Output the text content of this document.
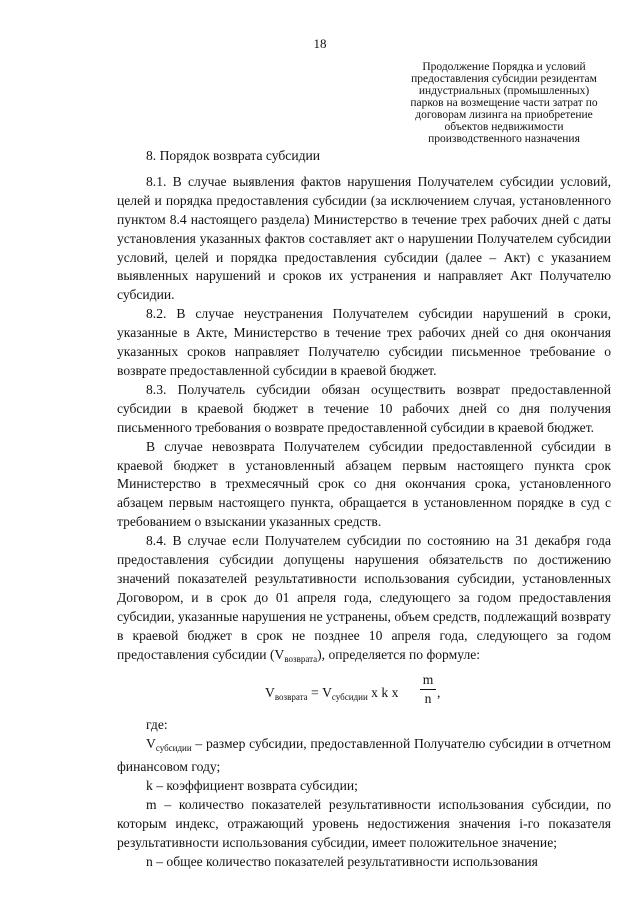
18
Продолжение Порядка и условий
предоставления субсидии резидентам
индустриальных (промышленных)
парков на возмещение части затрат по
договорам лизинга на приобретение
объектов недвижимости
производственного назначения

8. Порядок возврата субсидии

8.1. В случае выявления фактов нарушения Получателем субсидии условий, целей и порядка предоставления субсидии (за исключением случая, установленного пунктом 8.4 настоящего раздела) Министерство в течение трех рабочих дней с даты установления указанных фактов составляет акт о нарушении Получателем субсидии условий, целей и порядка предоставления субсидии (далее – Акт) с указанием выявленных нарушений и сроков их устранения и направляет Акт Получателю субсидии.

8.2. В случае неустранения Получателем субсидии нарушений в сроки, указанные в Акте, Министерство в течение трех рабочих дней со дня окончания указанных сроков направляет Получателю субсидии письменное требование о возврате предоставленной субсидии в краевой бюджет.

8.3. Получатель субсидии обязан осуществить возврат предоставленной субсидии в краевой бюджет в течение 10 рабочих дней со дня получения письменного требования о возврате предоставленной субсидии в краевой бюджет.

В случае невозврата Получателем субсидии предоставленной субсидии в краевой бюджет в установленный абзацем первым настоящего пункта срок Министерство в трехмесячный срок со дня окончания срока, установленного абзацем первым настоящего пункта, обращается в установленном порядке в суд с требованием о взыскании указанных средств.

8.4. В случае если Получателем субсидии по состоянию на 31 декабря года предоставления субсидии допущены нарушения обязательств по достижению значений показателей результативности использования субсидии, установленных Договором, и в срок до 01 апреля года, следующего за годом предоставления субсидии, указанные нарушения не устранены, объем средств, подлежащий возврату в краевой бюджет в срок не позднее 10 апреля года, следующего за годом предоставления субсидии $(V_{возврата})$, определяется по формуле:

$V_{возврата} = V_{субсидии}$ x k x
m
n ,

где:

$V_{субсидии}$ – размер субсидии, предоставленной Получателю субсидии в отчетном финансовом году;

k – коэффициент возврата субсидии;

m – количество показателей результативности использования субсидии, по которым индекс, отражающий уровень недостижения значения i-го показателя результативности использования субсидии, имеет положительное значение;

n – общее количество показателей результативности использования
